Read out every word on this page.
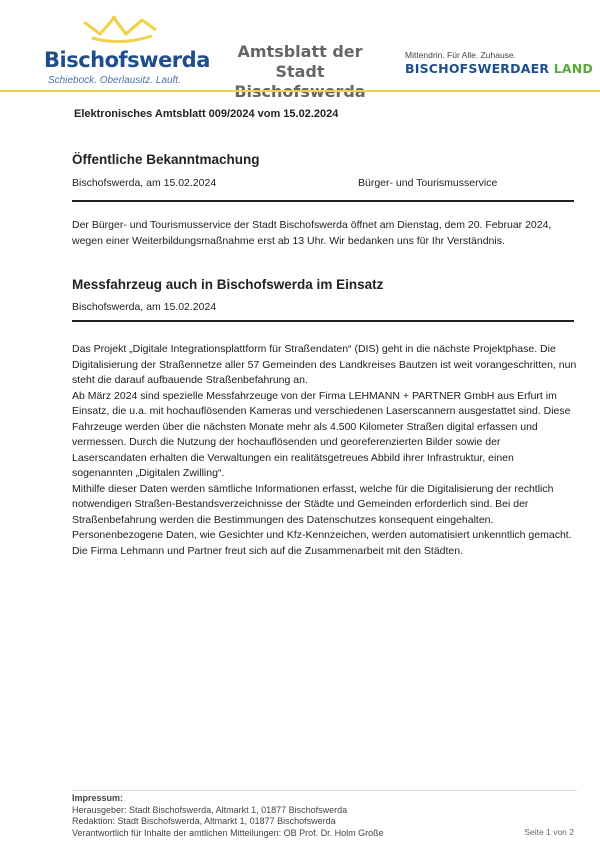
Bischofswerda
Schiebock. Oberlausitz. Lauft.
Amtsblatt der
Stadt
Mittendrin. Für Alle. Zuhause.
BISCHOFSWERDAER LAND
Elektronisches Amtsblatt 009/2024 vom 15.02.2024
Öffentliche Bekanntmachung
Bischofswerda, am 15.02.2024	Bürger- und Tourismusservice

Der Bürger- und Tourismusservice der Stadt Bischofswerda öffnet am Dienstag, dem 20. Februar 2024, wegen einer Weiterbildungsmaßnahme erst ab 13 Uhr. Wir bedanken uns für Ihr Verständnis.

Messfahrzeug auch in Bischofswerda im Einsatz
Bischofswerda, am 15.02.2024

Das Projekt „Digitale Integrationsplattform für Straßendaten“ (DIS) geht in die nächste Projektphase. Die Digitalisierung der Straßennetze aller 57 Gemeinden des Landkreises Bautzen ist weit vorangeschritten, nun steht die darauf aufbauende Straßenbefahrung an.

Ab März 2024 sind spezielle Messfahrzeuge von der Firma LEHMANN + PARTNER GmbH aus Erfurt im Einsatz, die u.a. mit hochauflösenden Kameras und verschiedenen Laserscannern ausgestattet sind. Diese Fahrzeuge werden über die nächsten Monate mehr als 4.500 Kilometer Straßen digital erfassen und vermessen. Durch die Nutzung der hochauflösenden und georeferenzierten Bilder sowie der Laserscandaten erhalten die Verwaltungen ein realitätsgetreues Abbild ihrer Infrastruktur, einen sogenannten „Digitalen Zwilling“.

Mithilfe dieser Daten werden sämtliche Informationen erfasst, welche für die Digitalisierung der rechtlich notwendigen Straßen-Bestandsverzeichnisse der Städte und Gemeinden erforderlich sind. Bei der Straßenbefahrung werden die Bestimmungen des Datenschutzes konsequent eingehalten. Personenbezogene Daten, wie Gesichter und Kfz-Kennzeichen, werden automatisiert unkenntlich gemacht.

Die Firma Lehmann und Partner freut sich auf die Zusammenarbeit mit den Städten.

Impressum:
Herausgeber: Stadt Bischofswerda, Altmarkt 1, 01877 Bischofswerda
Redaktion: Stadt Bischofswerda, Altmarkt 1, 01877 Bischofswerda
Verantwortlich für Inhalte der amtlichen Mitteilungen: OB Prof. Dr. Holm Große	Seite 1 von 2
